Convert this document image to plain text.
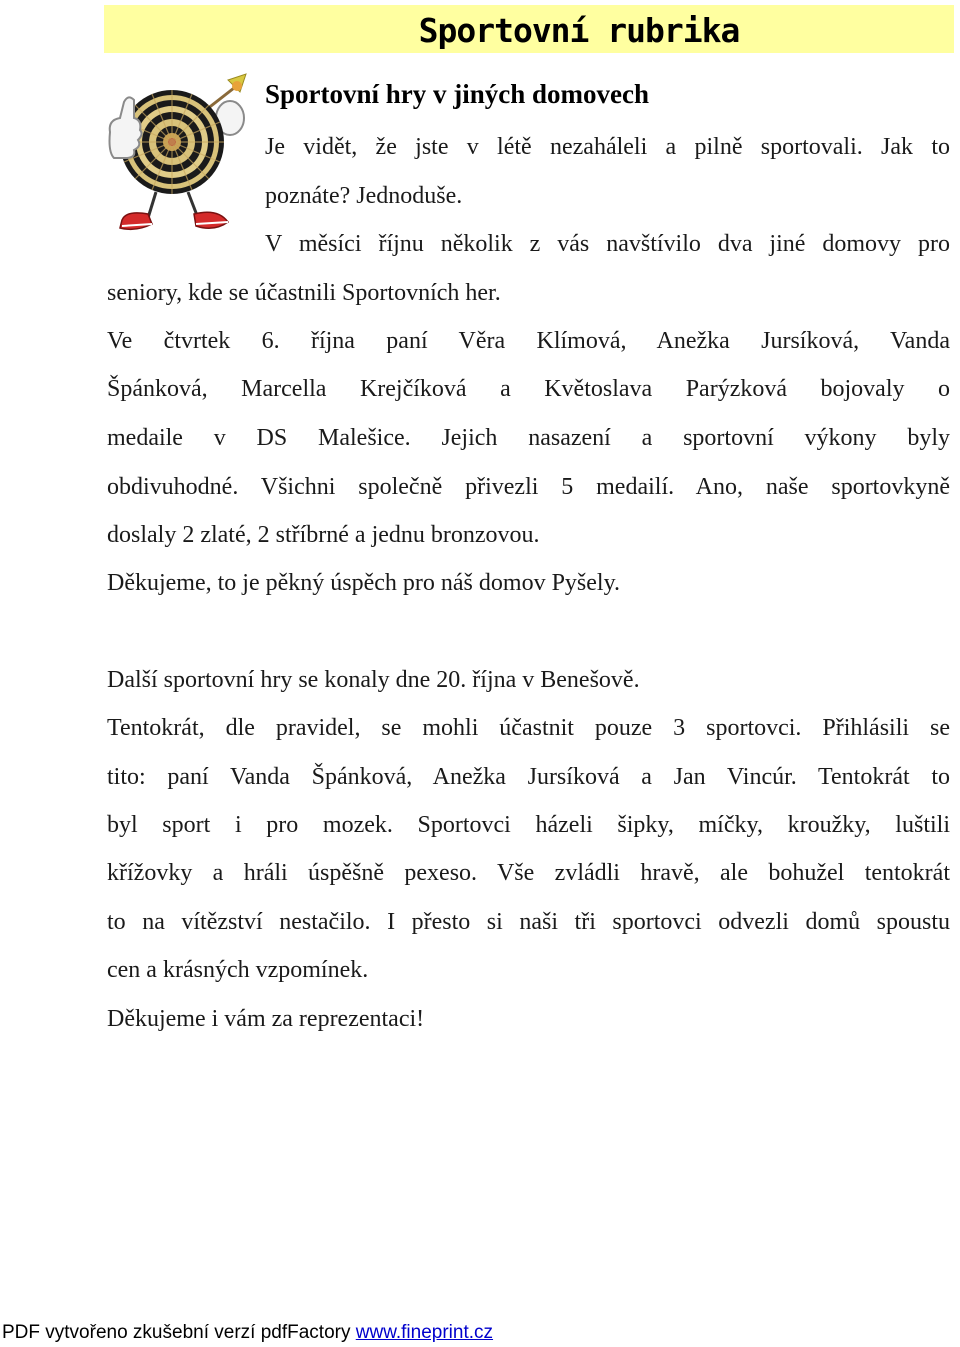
Sportovní rubrika
Sportovní hry v jiných domovech
Je vidět, že jste v létě nezaháleli a pilně sportovali. Jak to
poznáte? Jednoduše.
V měsíci říjnu několik z vás navštívilo dva jiné domovy pro
seniory, kde se účastnili Sportovních her.
Ve čtvrtek 6. října paní Věra Klímová, Anežka Jursíková, Vanda
Špánková, Marcella Krejčíková a Květoslava Parýzková bojovaly o
medaile v DS Malešice. Jejich nasazení a sportovní výkony byly
obdivuhodné. Všichni společně přivezli 5 medailí. Ano, naše sportovkyně
doslaly 2 zlaté, 2 stříbrné a jednu bronzovou.
Děkujeme, to je pěkný úspěch pro náš domov Pyšely.
Další sportovní hry se konaly dne 20. října v Benešově.
Tentokrát, dle pravidel, se mohli účastnit pouze 3 sportovci. Přihlásili se
tito: paní Vanda Špánková, Anežka Jursíková a Jan Vincúr. Tentokrát to
byl sport i pro mozek. Sportovci házeli šipky, míčky, kroužky, luštili
křížovky a hráli úspěšně pexeso. Vše zvládli hravě, ale bohužel tentokrát
to na vítězství nestačilo. I přesto si naši tři sportovci odvezli domů spoustu
cen a krásných vzpomínek.
Děkujeme i vám za reprezentaci!
PDF vytvořeno zkušební verzí pdfFactory www.fineprint.cz
